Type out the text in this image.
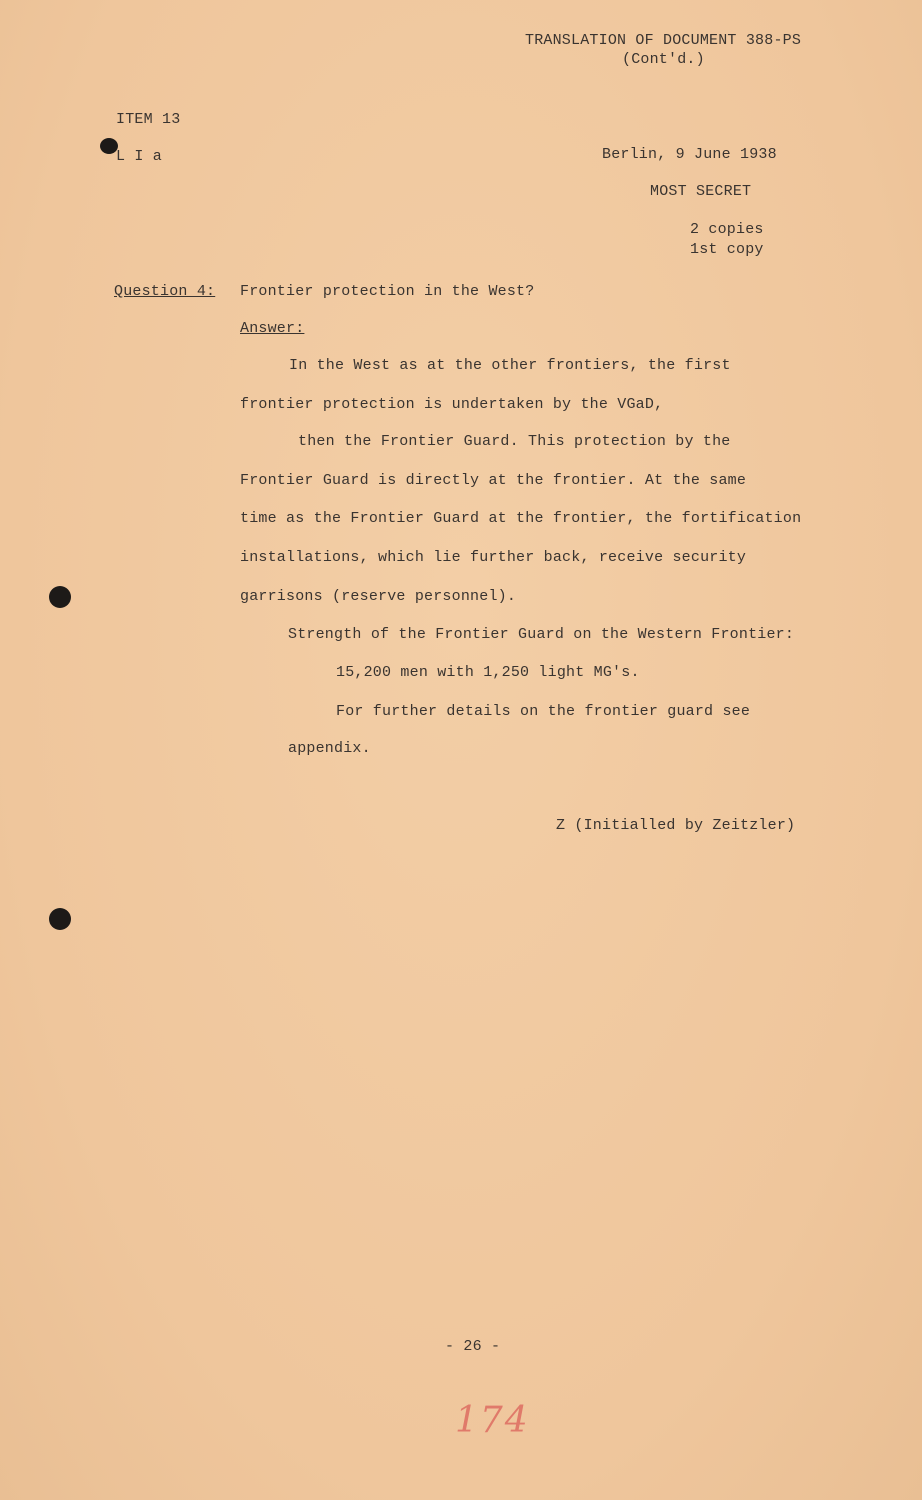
TRANSLATION OF DOCUMENT 388-PS
(Cont'd.)
ITEM 13
L I a	Berlin, 9 June 1938
MOST SECRET
2 copies
1st copy
Question 4: Frontier protection in the West?
Answer:
In the West as at the other frontiers, the first
frontier protection is undertaken by the VGaD,
then the Frontier Guard. This protection by the
Frontier Guard is directly at the frontier. At the same
time as the Frontier Guard at the frontier, the fortification
installations, which lie further back, receive security
garrisons (reserve personnel).
Strength of the Frontier Guard on the Western Frontier:
15,200 men with 1,250 light MG's.
For further details on the frontier guard see
appendix.
Z (Initialled by Zeitzler)
- 26 -
174
